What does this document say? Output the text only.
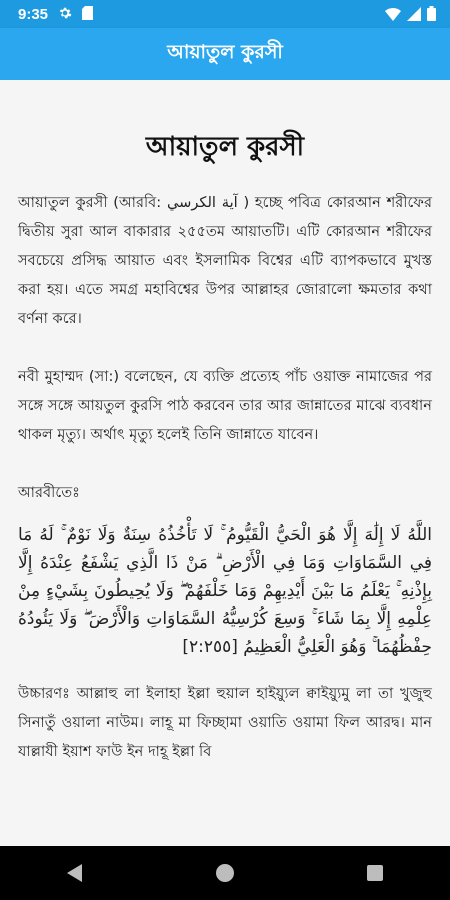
9:35
আয়াতুল কুরসী
আয়াতুল কুরসী

আয়াতুল কুরসী (আরবি: آية الكرسي ) হচ্ছে পবিত্র কোরআন শরীফের দ্বিতীয় সুরা আল বাকারার ২৫৫তম আয়াতটি। এটি কোরআন শরীফের সবচেয়ে প্রসিদ্ধ আয়াত এবং ইসলামিক বিশ্বের এটি ব্যাপকভাবে মুখস্ত করা হয়। এতে সমগ্র মহাবিশ্বের উপর আল্লাহর জোরালো ক্ষমতার কথা বর্ণনা করে।

নবী মুহাম্মদ (সা:) বলেছেন, যে ব্যক্তি প্রত্যেহ পাঁচ ওয়াক্ত নামাজের পর সঙ্গে সঙ্গে আয়তুল কুরসি পাঠ করবেন তার আর জান্নাতের মাঝে ব্যবধান থাকল মৃত্যু। অর্থাৎ মৃত্যু হলেই তিনি জান্নাতে যাবেন।

আরবীতেঃ

اللَّهُ لَا إِلَٰهَ إِلَّا هُوَ الْحَيُّ الْقَيُّومُ ۚ لَا تَأْخُذُهُ سِنَةٌ وَلَا نَوْمٌ ۚ لَهُ مَا فِي السَّمَاوَاتِ وَمَا فِي الْأَرْضِ ۗ مَنْ ذَا الَّذِي يَشْفَعُ عِنْدَهُ إِلَّا بِإِذْنِهِ ۚ يَعْلَمُ مَا بَيْنَ أَيْدِيهِمْ وَمَا خَلْفَهُمْ ۖ وَلَا يُحِيطُونَ بِشَيْءٍ مِنْ عِلْمِهِ إِلَّا بِمَا شَاءَ ۚ وَسِعَ كُرْسِيُّهُ السَّمَاوَاتِ وَالْأَرْضَ ۖ وَلَا يَئُودُهُ حِفْظُهُمَا ۚ وَهُوَ الْعَلِيُّ الْعَظِيمُ [٢:٢٥٥]

উচ্চারণঃ আল্লাহু লা ইলাহা ইল্লা হুয়াল হাইয়্যুল ক্বাইয়্যুমু লা তা খুজুহু সিনাতুঁ ওয়ালা নাউম। লাহূ মা ফিচ্ছামা ওয়াতি ওয়ামা ফিল আরদ্ব। মান যাল্লাযী ইয়াশ ফাউ ইন দাহূ ইল্লা বি
